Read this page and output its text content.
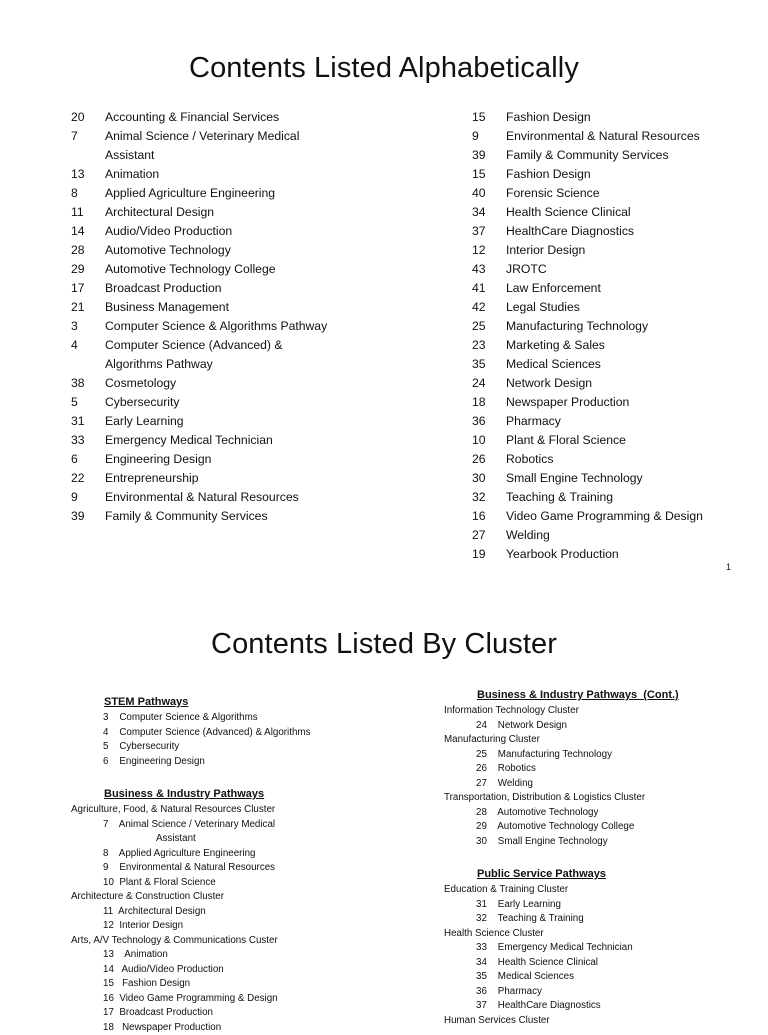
Contents Listed Alphabetically
20 Accounting & Financial Services
7 Animal Science / Veterinary Medical
Assistant
13 Animation
8 Applied Agriculture Engineering
11 Architectural Design
14 Audio/Video Production
28 Automotive Technology
29 Automotive Technology College
17 Broadcast Production
21 Business Management
3 Computer Science & Algorithms Pathway
4 Computer Science (Advanced) &
Algorithms Pathway
38 Cosmetology
5 Cybersecurity
31 Early Learning
33 Emergency Medical Technician
6 Engineering Design
22 Entrepreneurship
9 Environmental & Natural Resources
39 Family & Community Services
15 Fashion Design
9 Environmental & Natural Resources
39 Family & Community Services
15 Fashion Design
40 Forensic Science
34 Health Science Clinical
37 HealthCare Diagnostics
12 Interior Design
43 JROTC
41 Law Enforcement
42 Legal Studies
25 Manufacturing Technology
23 Marketing & Sales
35 Medical Sciences
24 Network Design
18 Newspaper Production
36 Pharmacy
10 Plant & Floral Science
26 Robotics
30 Small Engine Technology
32 Teaching & Training
16 Video Game Programming & Design
27 Welding
19 Yearbook Production
1
Contents Listed By Cluster
STEM Pathways
3    Computer Science & Algorithms
4    Computer Science (Advanced) & Algorithms
5    Cybersecurity
6    Engineering Design
Business & Industry Pathways
Agriculture, Food, & Natural Resources Cluster
7    Animal Science / Veterinary Medical
Assistant
8    Applied Agriculture Engineering
9    Environmental & Natural Resources
10  Plant & Floral Science
Architecture & Construction Cluster
11  Architectural Design
12  Interior Design
Arts, A/V Technology & Communications Custer
13    Animation
14   Audio/Video Production
15   Fashion Design
16  Video Game Programming & Design
17  Broadcast Production
18   Newspaper Production
Business & Industry Pathways  (Cont.)
Information Technology Cluster
24    Network Design
Manufacturing Cluster
25    Manufacturing Technology
26    Robotics
27    Welding
Transportation, Distribution & Logistics Cluster
28    Automotive Technology
29    Automotive Technology College
30    Small Engine Technology
Public Service Pathways
Education & Training Cluster
31    Early Learning
32    Teaching & Training
Health Science Cluster
33    Emergency Medical Technician
34    Health Science Clinical
35    Medical Sciences
36    Pharmacy
37    HealthCare Diagnostics
Human Services Cluster
